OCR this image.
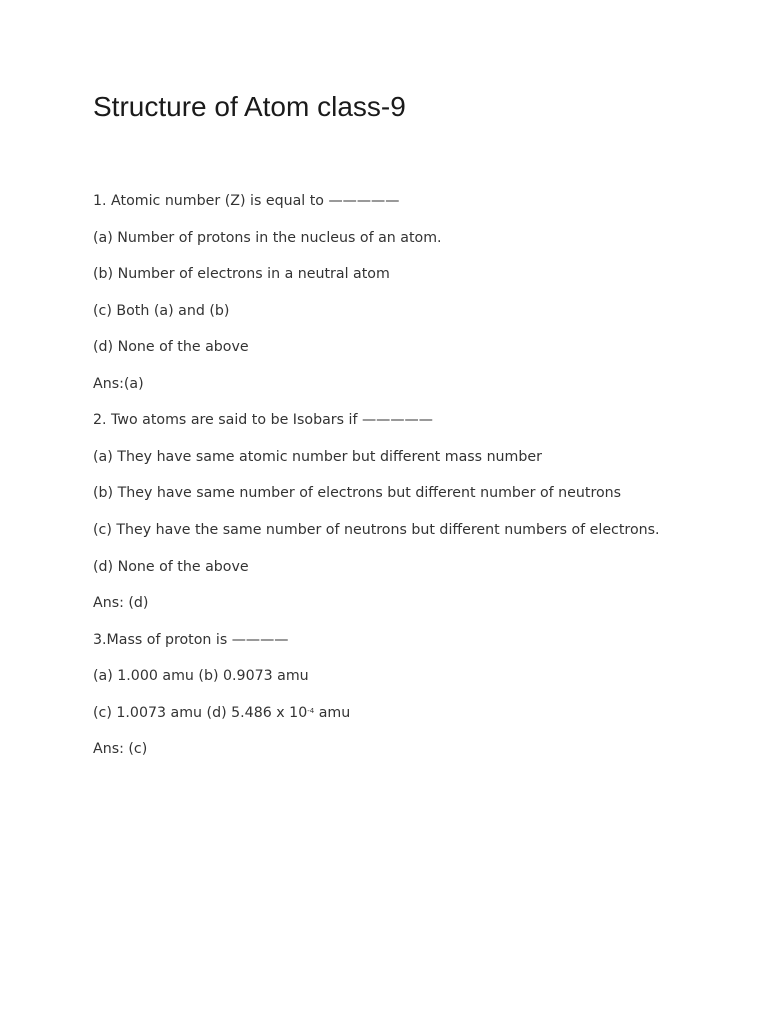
Structure of Atom class-9

1. Atomic number (Z) is equal to —————

(a) Number of protons in the nucleus of an atom.

(b) Number of electrons in a neutral atom

(c) Both (a) and (b)

(d) None of the above

Ans:(a)

2. Two atoms are said to be Isobars if —————

(a) They have same atomic number but different mass number

(b) They have same number of electrons but different number of neutrons

(c) They have the same number of neutrons but different numbers of electrons.

(d) None of the above

Ans: (d)

3.Mass of proton is ————

(a) 1.000 amu (b) 0.9073 amu

(c) 1.0073 amu (d) 5.486 x $10^{-4}$ amu

Ans: (c)
